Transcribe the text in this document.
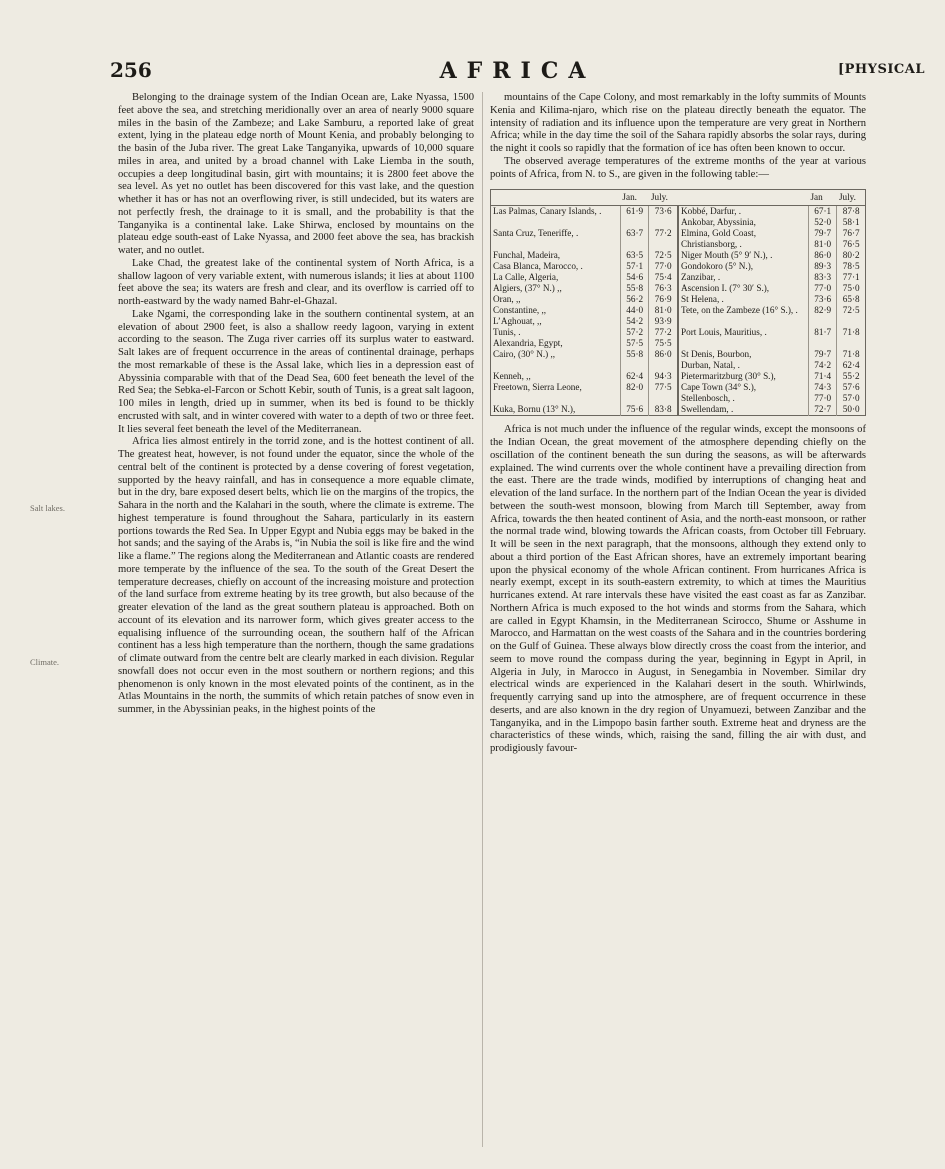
256	AFRICA	[PHYSICAL
Salt lakes.
Climate.

Belonging to the drainage system of the Indian Ocean are, Lake Nyassa, 1500 feet above the sea, and stretching meridionally over an area of nearly 9000 square miles in the basin of the Zambeze; and Lake Samburu, a reported lake of great extent, lying in the plateau edge north of Mount Kenia, and probably belonging to the basin of the Juba river. The great Lake Tanganyika, upwards of 10,000 square miles in area, and united by a broad channel with Lake Liemba in the south, occupies a deep longitudinal basin, girt with mountains; it is 2800 feet above the sea level. As yet no outlet has been discovered for this vast lake, and the question whether it has or has not an overflowing river, is still undecided, but its waters are not perfectly fresh, the drainage to it is small, and the probability is that the Tanganyika is a continental lake. Lake Shirwa, enclosed by mountains on the plateau edge south-east of Lake Nyassa, and 2000 feet above the sea, has brackish water, and no outlet.

Lake Chad, the greatest lake of the continental system of North Africa, is a shallow lagoon of very variable extent, with numerous islands; it lies at about 1100 feet above the sea; its waters are fresh and clear, and its overflow is carried off to north-eastward by the wady named Bahr-el-Ghazal.

Lake Ngami, the corresponding lake in the southern continental system, at an elevation of about 2900 feet, is also a shallow reedy lagoon, varying in extent according to the season. The Zuga river carries off its surplus water to eastward. Salt lakes are of frequent occurrence in the areas of continental drainage, perhaps the most remarkable of these is the Assal lake, which lies in a depression east of Abyssinia comparable with that of the Dead Sea, 600 feet beneath the level of the Red Sea; the Sebka-el-Farcon or Schott Kebir, south of Tunis, is a great salt lagoon, 100 miles in length, dried up in summer, when its bed is found to be thickly encrusted with salt, and in winter covered with water to a depth of two or three feet. It lies several feet beneath the level of the Mediterranean.

Africa lies almost entirely in the torrid zone, and is the hottest continent of all. The greatest heat, however, is not found under the equator, since the whole of the central belt of the continent is protected by a dense covering of forest vegetation, supported by the heavy rainfall, and has in consequence a more equable climate, but in the dry, bare exposed desert belts, which lie on the margins of the tropics, the Sahara in the north and the Kalahari in the south, where the climate is extreme. The highest temperature is found throughout the Sahara, particularly in its eastern portions towards the Red Sea. In Upper Egypt and Nubia eggs may be baked in the hot sands; and the saying of the Arabs is, “in Nubia the soil is like fire and the wind like a flame.” The regions along the Mediterranean and Atlantic coasts are rendered more temperate by the influence of the sea. To the south of the Great Desert the temperature decreases, chiefly on account of the increasing moisture and protection of the land surface from extreme heating by its tree growth, but also because of the greater elevation of the land as the great southern plateau is approached. Both on account of its elevation and its narrower form, which gives greater access to the equalising influence of the surrounding ocean, the southern half of the African continent has a less high temperature than the northern, though the same gradations of climate outward from the centre belt are clearly marked in each division. Regular snowfall does not occur even in the most southern or northern regions; and this phenomenon is only known in the most elevated points of the continent, as in the Atlas Mountains in the north, the summits of which retain patches of snow even in summer, in the Abyssinian peaks, in the highest points of the

mountains of the Cape Colony, and most remarkably in the lofty summits of Mounts Kenia and Kilima-njaro, which rise on the plateau directly beneath the equator. The intensity of radiation and its influence upon the temperature are very great in Northern Africa; while in the day time the soil of the Sahara rapidly absorbs the solar rays, during the night it cools so rapidly that the formation of ice has often been known to occur.

The observed average temperatures of the extreme months of the year at various points of Africa, from N. to S., are given in the following table:—

	Jan.	July.		Jan	July.
Las Palmas, Canary Islands, .	61·9	73·6	Kobbé, Darfur, .	67·1	87·8
			Ankobar, Abyssinia,	52·0	58·1
Santa Cruz, Teneriffe, .	63·7	77·2	Elmina, Gold Coast,	79·7	76·7
			Christiansborg, .	81·0	76·5
Funchal, Madeira,	63·5	72·5	Niger Mouth (5° 9′ N.), .	86·0	80·2
Casa Blanca, Marocco, .	57·1	77·0	Gondokoro (5° N.),	89·3	78·5
La Calle, Algeria,	54·6	75·4	Zanzibar, .	83·3	77·1
Algiers, (37° N.) ,,	55·8	76·3	Ascension I. (7° 30′ S.),	77·0	75·0
Oran, ,,	56·2	76·9	St Helena, .	73·6	65·8
Constantine, ,,	44·0	81·0	Tete, on the Zambeze (16° S.), .	82·9	72·5
L’Aghouat, ,,	54·2	93·9			
Tunis, .	57·2	77·2	Port Louis, Mauritius, .	81·7	71·8
Alexandria, Egypt,	57·5	75·5			
Cairo, (30° N.) ,,	55·8	86·0	St Denis, Bourbon,	79·7	71·8
			Durban, Natal, .	74·2	62·4
Kenneh, ,,	62·4	94·3	Pietermaritzburg (30° S.),	71·4	55·2
Freetown, Sierra Leone,	82·0	77·5	Cape Town (34° S.),	74·3	57·6
			Stellenbosch, .	77·0	57·0
Kuka, Bornu (13° N.),	75·6	83·8	Swellendam, .	72·7	50·0

Africa is not much under the influence of the regular winds, except the monsoons of the Indian Ocean, the great movement of the atmosphere depending chiefly on the oscillation of the continent beneath the sun during the seasons, as will be afterwards explained. The wind currents over the whole continent have a prevailing direction from the east. There are the trade winds, modified by interruptions of changing heat and elevation of the land surface. In the northern part of the Indian Ocean the year is divided between the south-west monsoon, blowing from March till September, away from Africa, towards the then heated continent of Asia, and the north-east monsoon, or rather the normal trade wind, blowing towards the African coasts, from October till February. It will be seen in the next paragraph, that the monsoons, although they extend only to about a third portion of the East African shores, have an extremely important bearing upon the physical economy of the whole African continent. From hurricanes Africa is nearly exempt, except in its south-eastern extremity, to which at times the Mauritius hurricanes extend. At rare intervals these have visited the east coast as far as Zanzibar. Northern Africa is much exposed to the hot winds and storms from the Sahara, which are called in Egypt Khamsin, in the Mediterranean Scirocco, Shume or Asshume in Marocco, and Harmattan on the west coasts of the Sahara and in the countries bordering on the Gulf of Guinea. These always blow directly cross the coast from the interior, and seem to move round the compass during the year, beginning in Egypt in April, in Algeria in July, in Marocco in August, in Senegambia in November. Similar dry electrical winds are experienced in the Kalahari desert in the south. Whirlwinds, frequently carrying sand up into the atmosphere, are of frequent occurrence in these deserts, and are also known in the dry region of Unyamuezi, between Zanzibar and the Tanganyika, and in the Limpopo basin farther south. Extreme heat and dryness are the characteristics of these winds, which, raising the sand, filling the air with dust, and prodigiously favour-
